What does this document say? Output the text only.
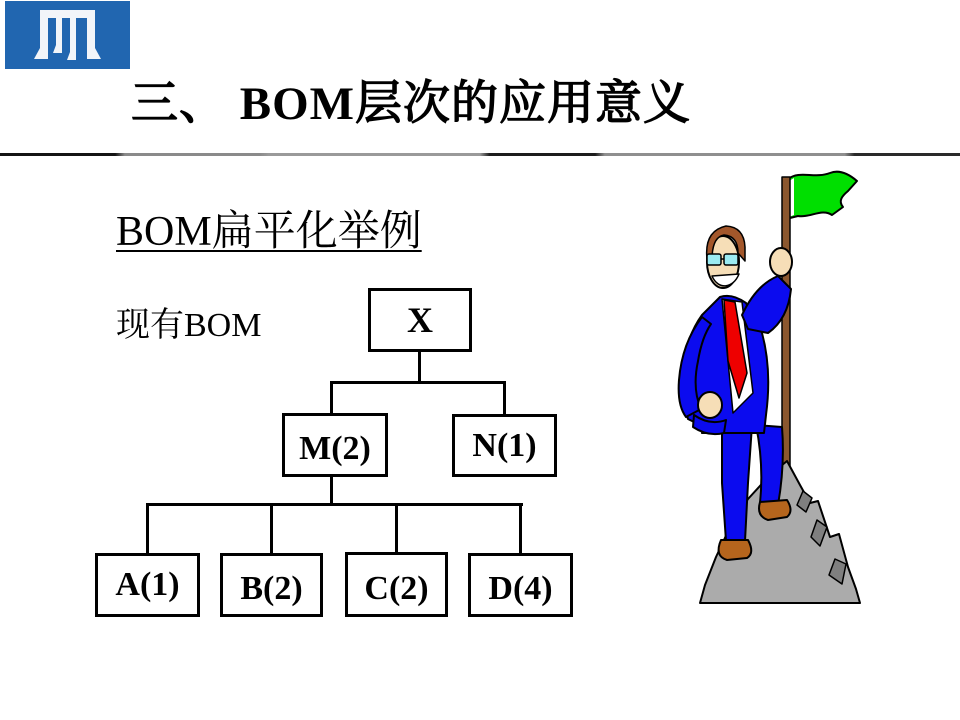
三、 BOM层次的应用意义
BOM扁平化举例
现有BOM	X
M(2)	N(1)
A(1) B(2) C(2) D(4)
